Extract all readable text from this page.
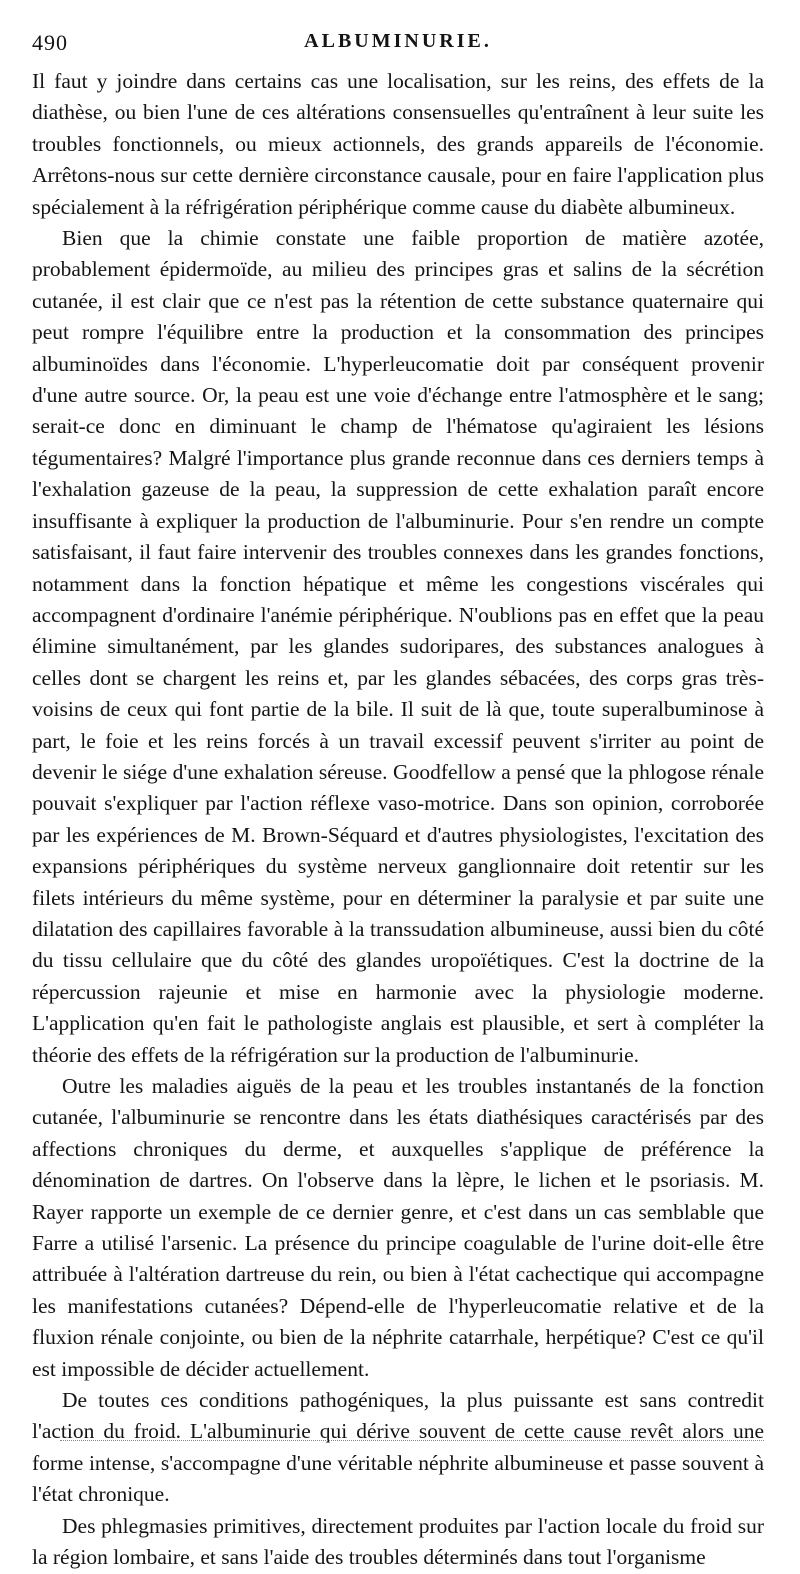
490	ALBUMINURIE.

Il faut y joindre dans certains cas une localisation, sur les reins, des effets de la diathèse, ou bien l'une de ces altérations consensuelles qu'entraînent à leur suite les troubles fonctionnels, ou mieux actionnels, des grands appareils de l'économie. Arrêtons-nous sur cette dernière circonstance causale, pour en faire l'application plus spécialement à la réfrigération périphérique comme cause du diabète albumineux.

Bien que la chimie constate une faible proportion de matière azotée, probablement épidermoïde, au milieu des principes gras et salins de la sécrétion cutanée, il est clair que ce n'est pas la rétention de cette substance quaternaire qui peut rompre l'équilibre entre la production et la consommation des principes albuminoïdes dans l'économie. L'hyperleucomatie doit par conséquent provenir d'une autre source. Or, la peau est une voie d'échange entre l'atmosphère et le sang; serait-ce donc en diminuant le champ de l'hématose qu'agiraient les lésions tégumentaires? Malgré l'importance plus grande reconnue dans ces derniers temps à l'exhalation gazeuse de la peau, la suppression de cette exhalation paraît encore insuffisante à expliquer la production de l'albuminurie. Pour s'en rendre un compte satisfaisant, il faut faire intervenir des troubles connexes dans les grandes fonctions, notamment dans la fonction hépatique et même les congestions viscérales qui accompagnent d'ordinaire l'anémie périphérique. N'oublions pas en effet que la peau élimine simultanément, par les glandes sudoripares, des substances analogues à celles dont se chargent les reins et, par les glandes sébacées, des corps gras très-voisins de ceux qui font partie de la bile. Il suit de là que, toute superalbuminose à part, le foie et les reins forcés à un travail excessif peuvent s'irriter au point de devenir le siége d'une exhalation séreuse. Goodfellow a pensé que la phlogose rénale pouvait s'expliquer par l'action réflexe vaso-motrice. Dans son opinion, corroborée par les expériences de M. Brown-Séquard et d'autres physiologistes, l'excitation des expansions périphériques du système nerveux ganglionnaire doit retentir sur les filets intérieurs du même système, pour en déterminer la paralysie et par suite une dilatation des capillaires favorable à la transsudation albumineuse, aussi bien du côté du tissu cellulaire que du côté des glandes uropoïétiques. C'est la doctrine de la répercussion rajeunie et mise en harmonie avec la physiologie moderne. L'application qu'en fait le pathologiste anglais est plausible, et sert à compléter la théorie des effets de la réfrigération sur la production de l'albuminurie.

Outre les maladies aiguës de la peau et les troubles instantanés de la fonction cutanée, l'albuminurie se rencontre dans les états diathésiques caractérisés par des affections chroniques du derme, et auxquelles s'applique de préférence la dénomination de dartres. On l'observe dans la lèpre, le lichen et le psoriasis. M. Rayer rapporte un exemple de ce dernier genre, et c'est dans un cas semblable que Farre a utilisé l'arsenic. La présence du principe coagulable de l'urine doit-elle être attribuée à l'altération dartreuse du rein, ou bien à l'état cachectique qui accompagne les manifestations cutanées? Dépend-elle de l'hyperleucomatie relative et de la fluxion rénale conjointe, ou bien de la néphrite catarrhale, herpétique? C'est ce qu'il est impossible de décider actuellement.

De toutes ces conditions pathogéniques, la plus puissante est sans contredit l'action du froid. L'albuminurie qui dérive souvent de cette cause revêt alors une forme intense, s'accompagne d'une véritable néphrite albumineuse et passe souvent à l'état chronique.

Des phlegmasies primitives, directement produites par l'action locale du froid sur la région lombaire, et sans l'aide des troubles déterminés dans tout l'organisme
